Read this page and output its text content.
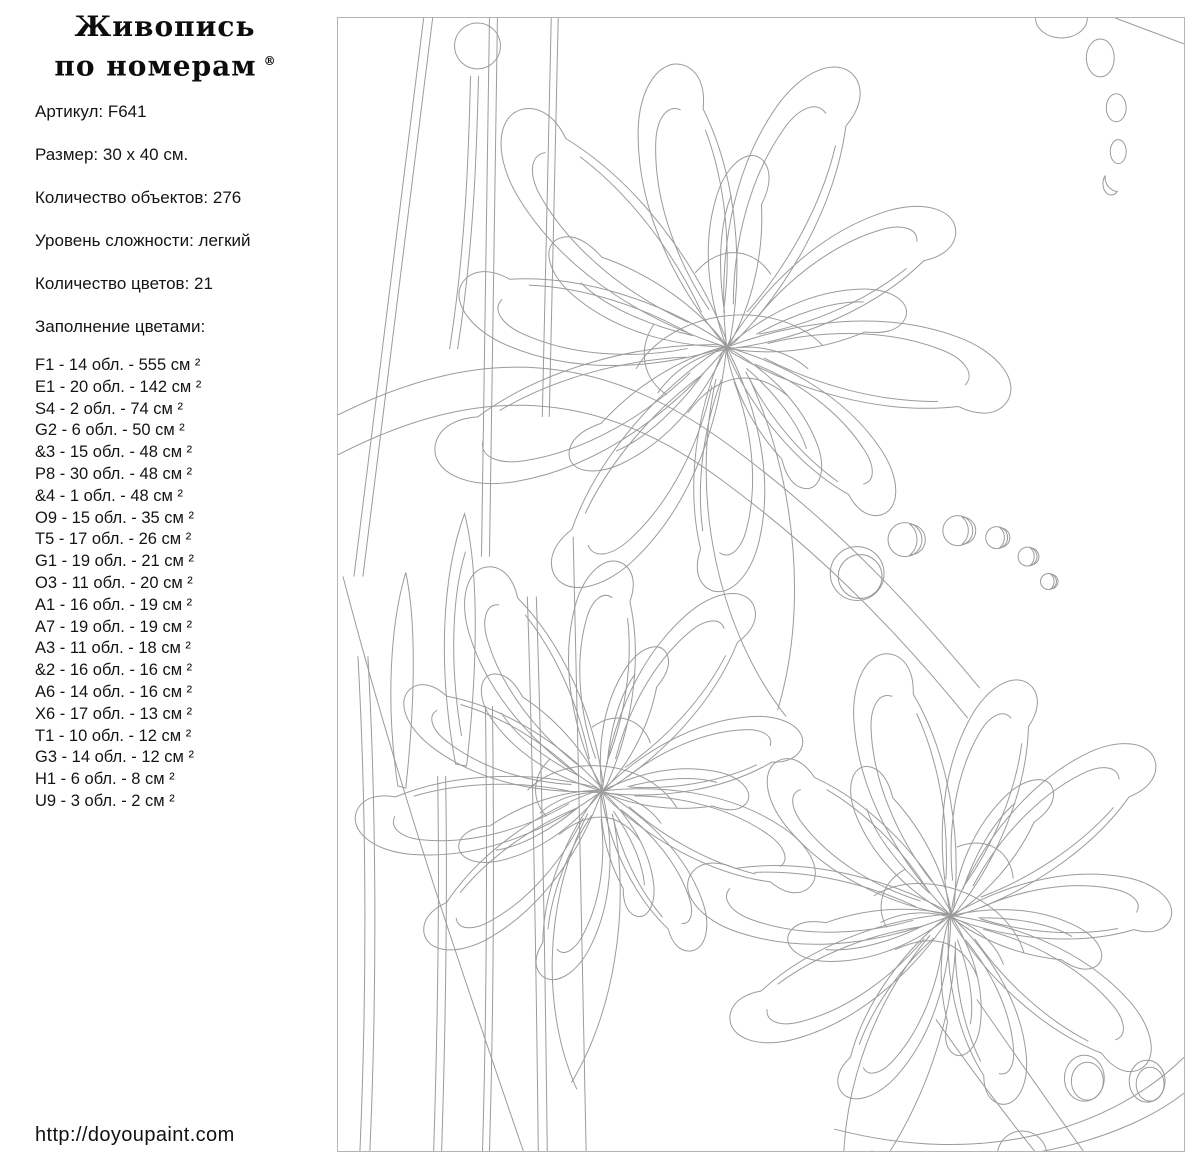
Живопись
по номерам ®

Артикул: F641

Размер: 30 x 40 см.

Количество объектов: 276

Уровень сложности: легкий

Количество цветов: 21

Заполнение цветами:

F1 - 14 обл. - 555 см ²
E1 - 20 обл. - 142 см ²
S4 - 2 обл. - 74 см ²
G2 - 6 обл. - 50 см ²
&3 - 15 обл. - 48 см ²
P8 - 30 обл. - 48 см ²
&4 - 1 обл. - 48 см ²
O9 - 15 обл. - 35 см ²
T5 - 17 обл. - 26 см ²
G1 - 19 обл. - 21 см ²
O3 - 11 обл. - 20 см ²
A1 - 16 обл. - 19 см ²
A7 - 19 обл. - 19 см ²
A3 - 11 обл. - 18 см ²
&2 - 16 обл. - 16 см ²
A6 - 14 обл. - 16 см ²
X6 - 17 обл. - 13 см ²
T1 - 10 обл. - 12 см ²
G3 - 14 обл. - 12 см ²
H1 - 6 обл. - 8 см ²
U9 - 3 обл. - 2 см ²
http://doyoupaint.com
